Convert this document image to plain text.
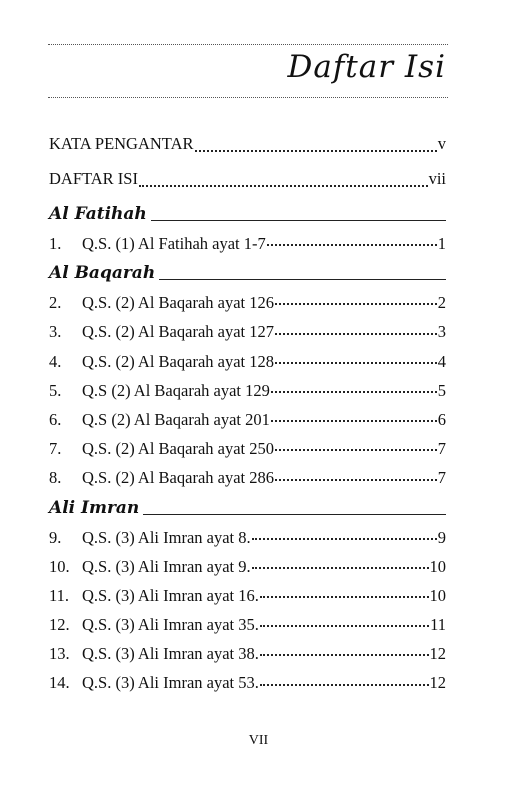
Daftar Isi
KATA PENGANTAR	v
DAFTAR ISI	vii
Al Fatihah
1.	Q.S. (1) Al Fatihah ayat 1-7	1
Al Baqarah
2.	Q.S. (2) Al Baqarah ayat 126	2
3.	Q.S. (2) Al Baqarah ayat 127	3
4.	Q.S. (2) Al Baqarah ayat 128	4
5.	Q.S (2) Al Baqarah ayat 129	5
6.	Q.S (2) Al Baqarah ayat 201	6
7.	Q.S. (2) Al Baqarah ayat 250	7
8.	Q.S. (2) Al Baqarah ayat 286	7
Ali Imran
9.	Q.S. (3) Ali Imran ayat 8.	9
10. Q.S. (3) Ali Imran ayat 9.	10
11. Q.S. (3) Ali Imran ayat 16.	10
12. Q.S. (3) Ali Imran ayat 35.	11
13. Q.S. (3) Ali Imran ayat 38.	12
14. Q.S. (3) Ali Imran ayat 53.	12
VII
